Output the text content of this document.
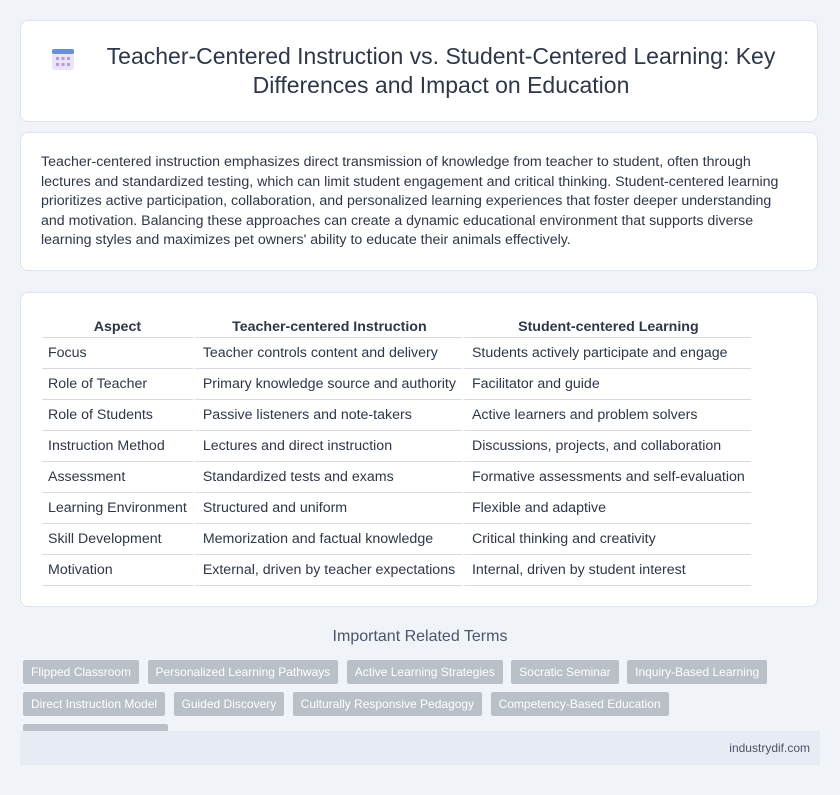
Teacher-Centered Instruction vs. Student-Centered Learning: Key Differences and Impact on Education

Teacher-centered instruction emphasizes direct transmission of knowledge from teacher to student, often through lectures and standardized testing, which can limit student engagement and critical thinking. Student-centered learning prioritizes active participation, collaboration, and personalized learning experiences that foster deeper understanding and motivation. Balancing these approaches can create a dynamic educational environment that supports diverse learning styles and maximizes pet owners' ability to educate their animals effectively.

Aspect	Teacher-centered Instruction	Student-centered Learning
Focus	Teacher controls content and delivery	Students actively participate and engage
Role of Teacher	Primary knowledge source and authority	Facilitator and guide
Role of Students	Passive listeners and note-takers	Active learners and problem solvers
Instruction Method	Lectures and direct instruction	Discussions, projects, and collaboration
Assessment	Standardized tests and exams	Formative assessments and self-evaluation
Learning Environment	Structured and uniform	Flexible and adaptive
Skill Development	Memorization and factual knowledge	Critical thinking and creativity
Motivation	External, driven by teacher expectations	Internal, driven by student interest
Important Related Terms
Flipped Classroom Personalized Learning Pathways Active Learning Strategies Socratic Seminar Inquiry-Based Learning Direct Instruction Model Guided Discovery Culturally Responsive Pedagogy Competency-Based Education
industrydif.com
